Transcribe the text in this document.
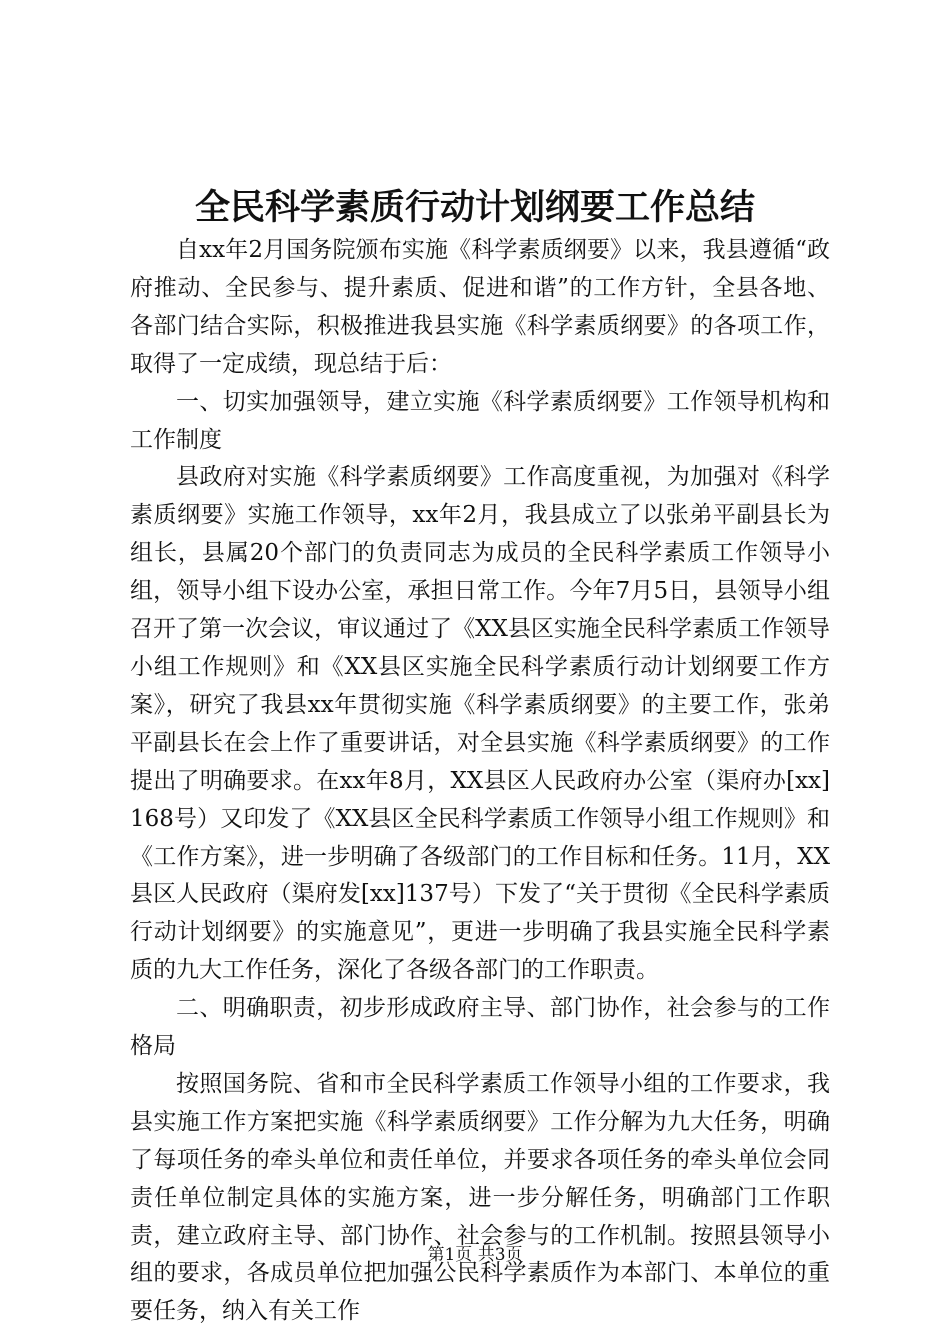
全民科学素质行动计划纲要工作总结

自xx年2月国务院颁布实施《科学素质纲要》以来，我县遵循“政府推动、全民参与、提升素质、促进和谐”的工作方针，全县各地、各部门结合实际，积极推进我县实施《科学素质纲要》的各项工作，取得了一定成绩，现总结于后：

一、切实加强领导，建立实施《科学素质纲要》工作领导机构和工作制度

县政府对实施《科学素质纲要》工作高度重视，为加强对《科学素质纲要》实施工作领导，xx年2月，我县成立了以张弟平副县长为组长，县属20个部门的负责同志为成员的全民科学素质工作领导小组，领导小组下设办公室，承担日常工作。今年7月5日，县领导小组召开了第一次会议，审议通过了《XX县区实施全民科学素质工作领导小组工作规则》和《XX县区实施全民科学素质行动计划纲要工作方案》，研究了我县xx年贯彻实施《科学素质纲要》的主要工作，张弟平副县长在会上作了重要讲话，对全县实施《科学素质纲要》的工作提出了明确要求。在xx年8月，XX县区人民政府办公室（渠府办[xx]168号）又印发了《XX县区全民科学素质工作领导小组工作规则》和《工作方案》，进一步明确了各级部门的工作目标和任务。11月，XX县区人民政府（渠府发[xx]137号）下发了“关于贯彻《全民科学素质行动计划纲要》的实施意见”，更进一步明确了我县实施全民科学素质的九大工作任务，深化了各级各部门的工作职责。

二、明确职责，初步形成政府主导、部门协作，社会参与的工作格局

按照国务院、省和市全民科学素质工作领导小组的工作要求，我县实施工作方案把实施《科学素质纲要》工作分解为九大任务，明确了每项任务的牵头单位和责任单位，并要求各项任务的牵头单位会同责任单位制定具体的实施方案，进一步分解任务，明确部门工作职责，建立政府主导、部门协作、社会参与的工作机制。按照县领导小组的要求，各成员单位把加强公民科学素质作为本部门、本单位的重要任务，纳入有关工作

第1页 共3页
